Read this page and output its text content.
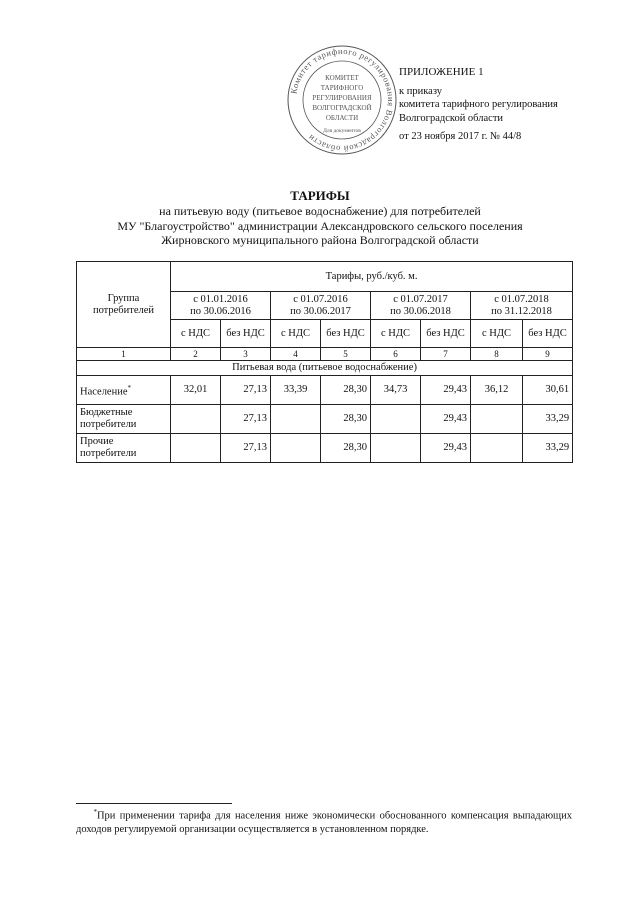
Комитет тарифного регулирования Волгоградской области
КОМИТЕТ
ТАРИФНОГО
РЕГУЛИРОВАНИЯ
ВОЛГОГРАДСКОЙ
ОБЛАСТИ
Для документов
ПРИЛОЖЕНИЕ 1
к приказу
комитета тарифного регулирования
Волгоградской области
от 23 ноября 2017 г. № 44/8
ТАРИФЫ
на питьевую воду (питьевое водоснабжение) для потребителей
МУ "Благоустройство" администрации Александровского сельского поселения
Жирновского муниципального района Волгоградской области
Группа потребителей	Тарифы, руб./куб. м.							
	с 01.01.2016
по 30.06.2016		с 01.07.2016
по 30.06.2017		с 01.07.2017
по 30.06.2018		с 01.07.2018
по 31.12.2018	
	с НДС	без НДС	с НДС	без НДС	с НДС	без НДС	с НДС	без НДС
1	2	3	4	5	6	7	8	9
Питьевая вода (питьевое водоснабжение)								
Население*	32,01	27,13	33,39	28,30	34,73	29,43	36,12	30,61
Бюджетные потребители		27,13		28,30		29,43		33,29
Прочие потребители		27,13		28,30		29,43		33,29
*При применении тарифа для населения ниже экономически обоснованного компенсация выпадающих доходов регулируемой организации осуществляется в установленном порядке.
